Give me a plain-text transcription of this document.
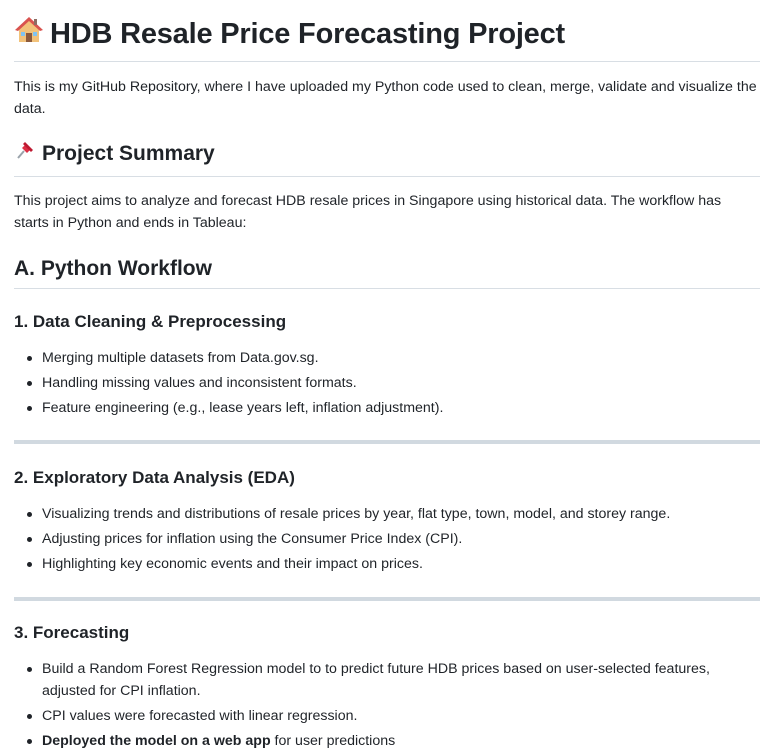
HDB Resale Price Forecasting Project
This is my GitHub Repository, where I have uploaded my Python code used to clean, merge, validate and visualize the data.
Project Summary
This project aims to analyze and forecast HDB resale prices in Singapore using historical data. The workflow has starts in Python and ends in Tableau:
A. Python Workflow
1. Data Cleaning & Preprocessing
Merging multiple datasets from Data.gov.sg.
Handling missing values and inconsistent formats.
Feature engineering (e.g., lease years left, inflation adjustment).
2. Exploratory Data Analysis (EDA)
Visualizing trends and distributions of resale prices by year, flat type, town, model, and storey range.
Adjusting prices for inflation using the Consumer Price Index (CPI).
Highlighting key economic events and their impact on prices.
3. Forecasting
Build a Random Forest Regression model to to predict future HDB prices based on user-selected features, adjusted for CPI inflation.
CPI values were forecasted with linear regression.
Deployed the model on a web app for user predictions
